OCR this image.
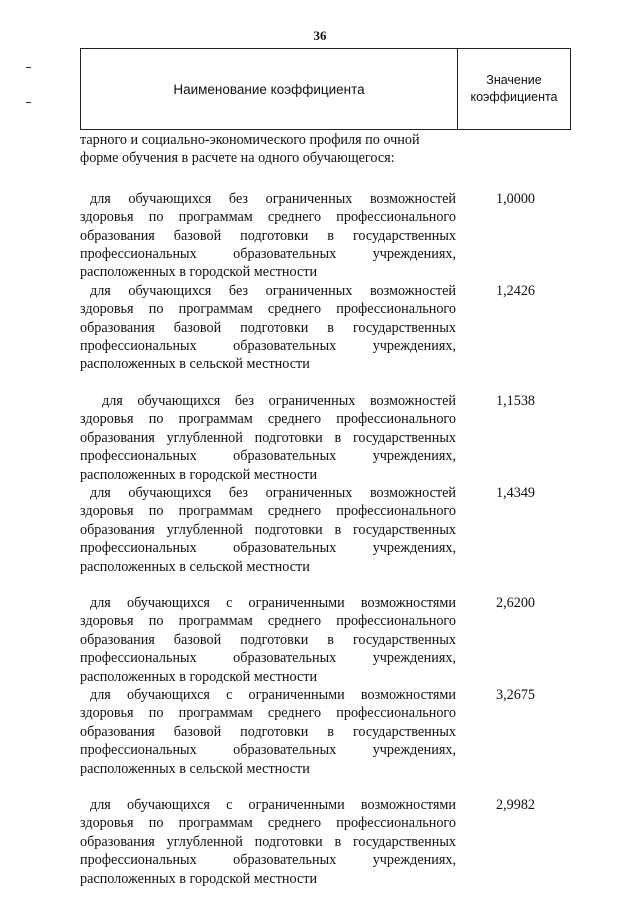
36
Наименование коэффициента
Значение
коэффициента
тарного и социально-экономического профиля по очной форме обучения в расчете на одного обучающегося:
для обучающихся без ограниченных возможностей здоровья по программам среднего профессионального образования базовой подготовки в государственных профессиональных образовательных учреждениях, расположенных в городской местности
1,0000
для обучающихся без ограниченных возможностей здоровья по программам среднего профессионального образования базовой подготовки в государственных профессиональных образовательных учреждениях, расположенных в сельской местности
1,2426
для обучающихся без ограниченных возможностей здоровья по программам среднего профессионального образования углубленной подготовки в государственных профессиональных образовательных учреждениях, расположенных в городской местности
1,1538
для обучающихся без ограниченных возможностей здоровья по программам среднего профессионального образования углубленной подготовки в государственных профессиональных образовательных учреждениях, расположенных в сельской местности
1,4349
для обучающихся с ограниченными возможностями здоровья по программам среднего профессионального образования базовой подготовки в государственных профессиональных образовательных учреждениях, расположенных в городской местности
2,6200
для обучающихся с ограниченными возможностями здоровья по программам среднего профессионального образования базовой подготовки в государственных профессиональных образовательных учреждениях, расположенных в сельской местности
3,2675
для обучающихся с ограниченными возможностями здоровья по программам среднего профессионального образования углубленной подготовки в государственных профессиональных образовательных учреждениях, расположенных в городской местности
2,9982
